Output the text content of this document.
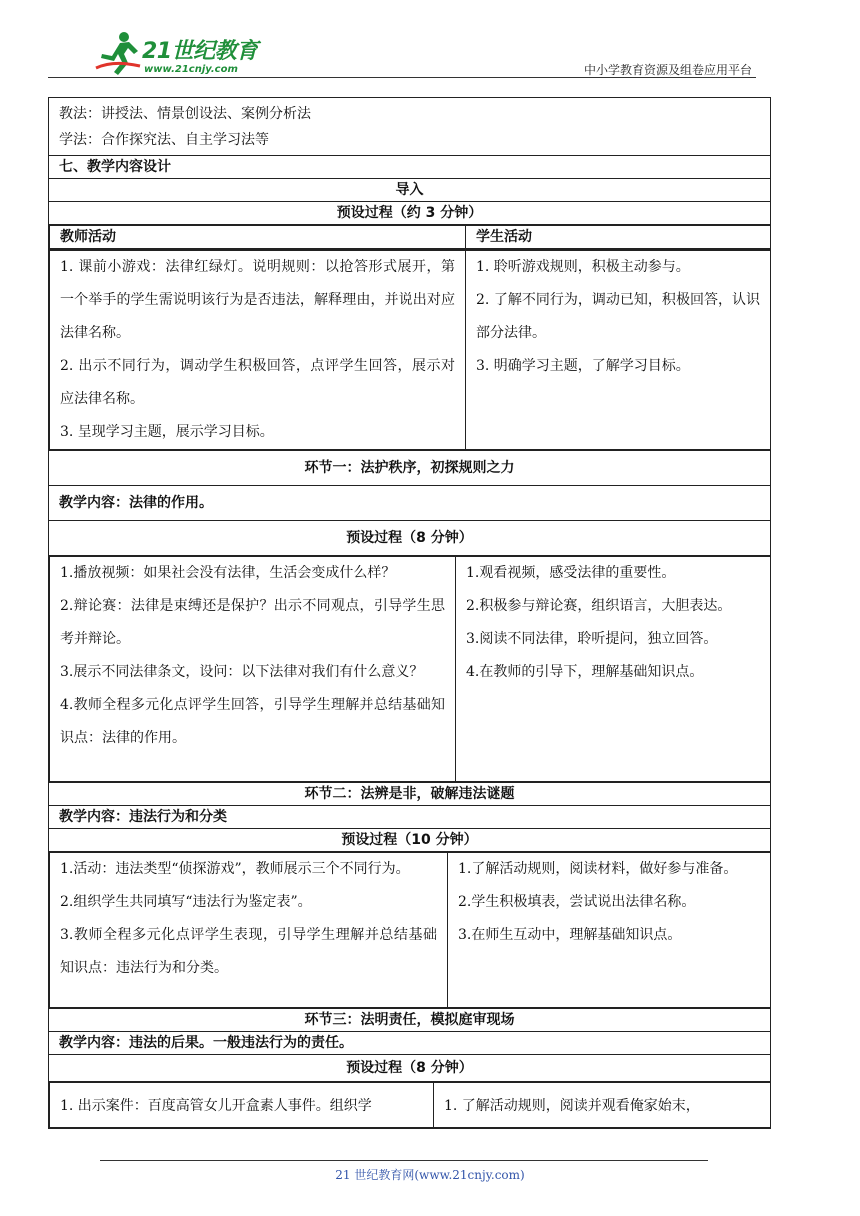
21世纪教育
www.21cnjy.com	中小学教育资源及组卷应用平台
教法：讲授法、情景创设法、案例分析法
学法：合作探究法、自主学习法等

七、教学内容设计
导入
预设过程（约 3 分钟）

教师活动	学生活动

1. 课前小游戏：法律红绿灯。说明规则：以抢答形式展开，第一个举手的学生需说明该行为是否违法，解释理由，并说出对应法律名称。
2. 出示不同行为，调动学生积极回答，点评学生回答，展示对应法律名称。
3. 呈现学习主题，展示学习目标。

1. 聆听游戏规则，积极主动参与。
2. 了解不同行为，调动已知，积极回答，认识部分法律。
3. 明确学习主题，了解学习目标。

环节一：法护秩序，初探规则之力
教学内容：法律的作用。
预设过程（8 分钟）

1.播放视频：如果社会没有法律，生活会变成什么样？
2.辩论赛：法律是束缚还是保护？出示不同观点，引导学生思考并辩论。
3.展示不同法律条文，设问：以下法律对我们有什么意义？
4.教师全程多元化点评学生回答，引导学生理解并总结基础知识点：法律的作用。

1.观看视频，感受法律的重要性。
2.积极参与辩论赛，组织语言，大胆表达。
3.阅读不同法律，聆听提问，独立回答。
4.在教师的引导下，理解基础知识点。

环节二：法辨是非，破解违法谜题
教学内容：违法行为和分类
预设过程（10 分钟）

1.活动：违法类型“侦探游戏”，教师展示三个不同行为。
2.组织学生共同填写“违法行为鉴定表”。
3.教师全程多元化点评学生表现，引导学生理解并总结基础知识点：违法行为和分类。

1.了解活动规则，阅读材料，做好参与准备。
2.学生积极填表，尝试说出法律名称。
3.在师生互动中，理解基础知识点。

环节三：法明责任，模拟庭审现场
教学内容：违法的后果。一般违法行为的责任。
预设过程（8 分钟）

1. 出示案件：百度高管女儿开盒素人事件。组织学	1. 了解活动规则，阅读并观看俺家始末，
21 世纪教育网(www.21cnjy.com)
